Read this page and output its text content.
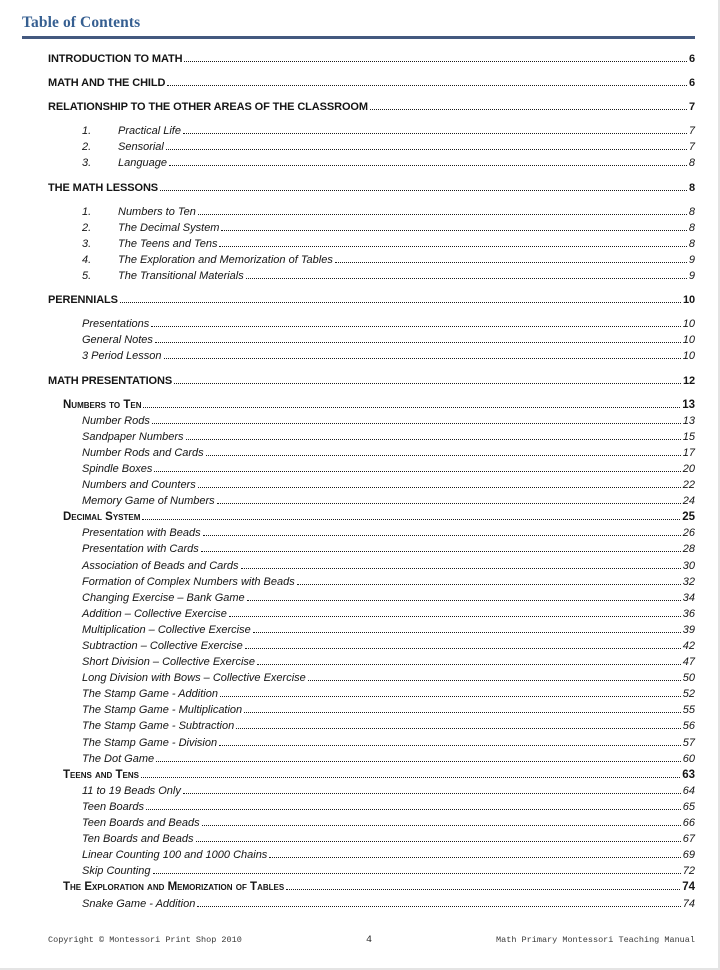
Table of Contents
INTRODUCTION TO MATH	6
MATH AND THE CHILD	6
RELATIONSHIP TO THE OTHER AREAS OF THE CLASSROOM	7
1.	Practical Life	7
2.	Sensorial	7
3.	Language	8
THE MATH LESSONS	8
1.	Numbers to Ten	8
2.	The Decimal System	8
3.	The Teens and Tens	8
4.	The Exploration and Memorization of Tables	9
5.	The Transitional Materials	9
PERENNIALS	10
Presentations	10
General Notes	10
3 Period Lesson	10
MATH PRESENTATIONS	12
Numbers to Ten	13
Number Rods	13
Sandpaper Numbers	15
Number Rods and Cards	17
Spindle Boxes	20
Numbers and Counters	22
Memory Game of Numbers	24
Decimal System	25
Presentation with Beads	26
Presentation with Cards	28
Association of Beads and Cards	30
Formation of Complex Numbers with Beads	32
Changing Exercise – Bank Game	34
Addition – Collective Exercise	36
Multiplication – Collective Exercise	39
Subtraction – Collective Exercise	42
Short Division – Collective Exercise	47
Long Division with Bows – Collective Exercise	50
The Stamp Game - Addition	52
The Stamp Game - Multiplication	55
The Stamp Game - Subtraction	56
The Stamp Game - Division	57
The Dot Game	60
Teens and Tens	63
11 to 19 Beads Only	64
Teen Boards	65
Teen Boards and Beads	66
Ten Boards and Beads	67
Linear Counting 100 and 1000 Chains	69
Skip Counting	72
The Exploration and Memorization of Tables	74
Snake Game - Addition	74
Copyright © Montessori Print Shop 2010	4	Math Primary Montessori Teaching Manual
